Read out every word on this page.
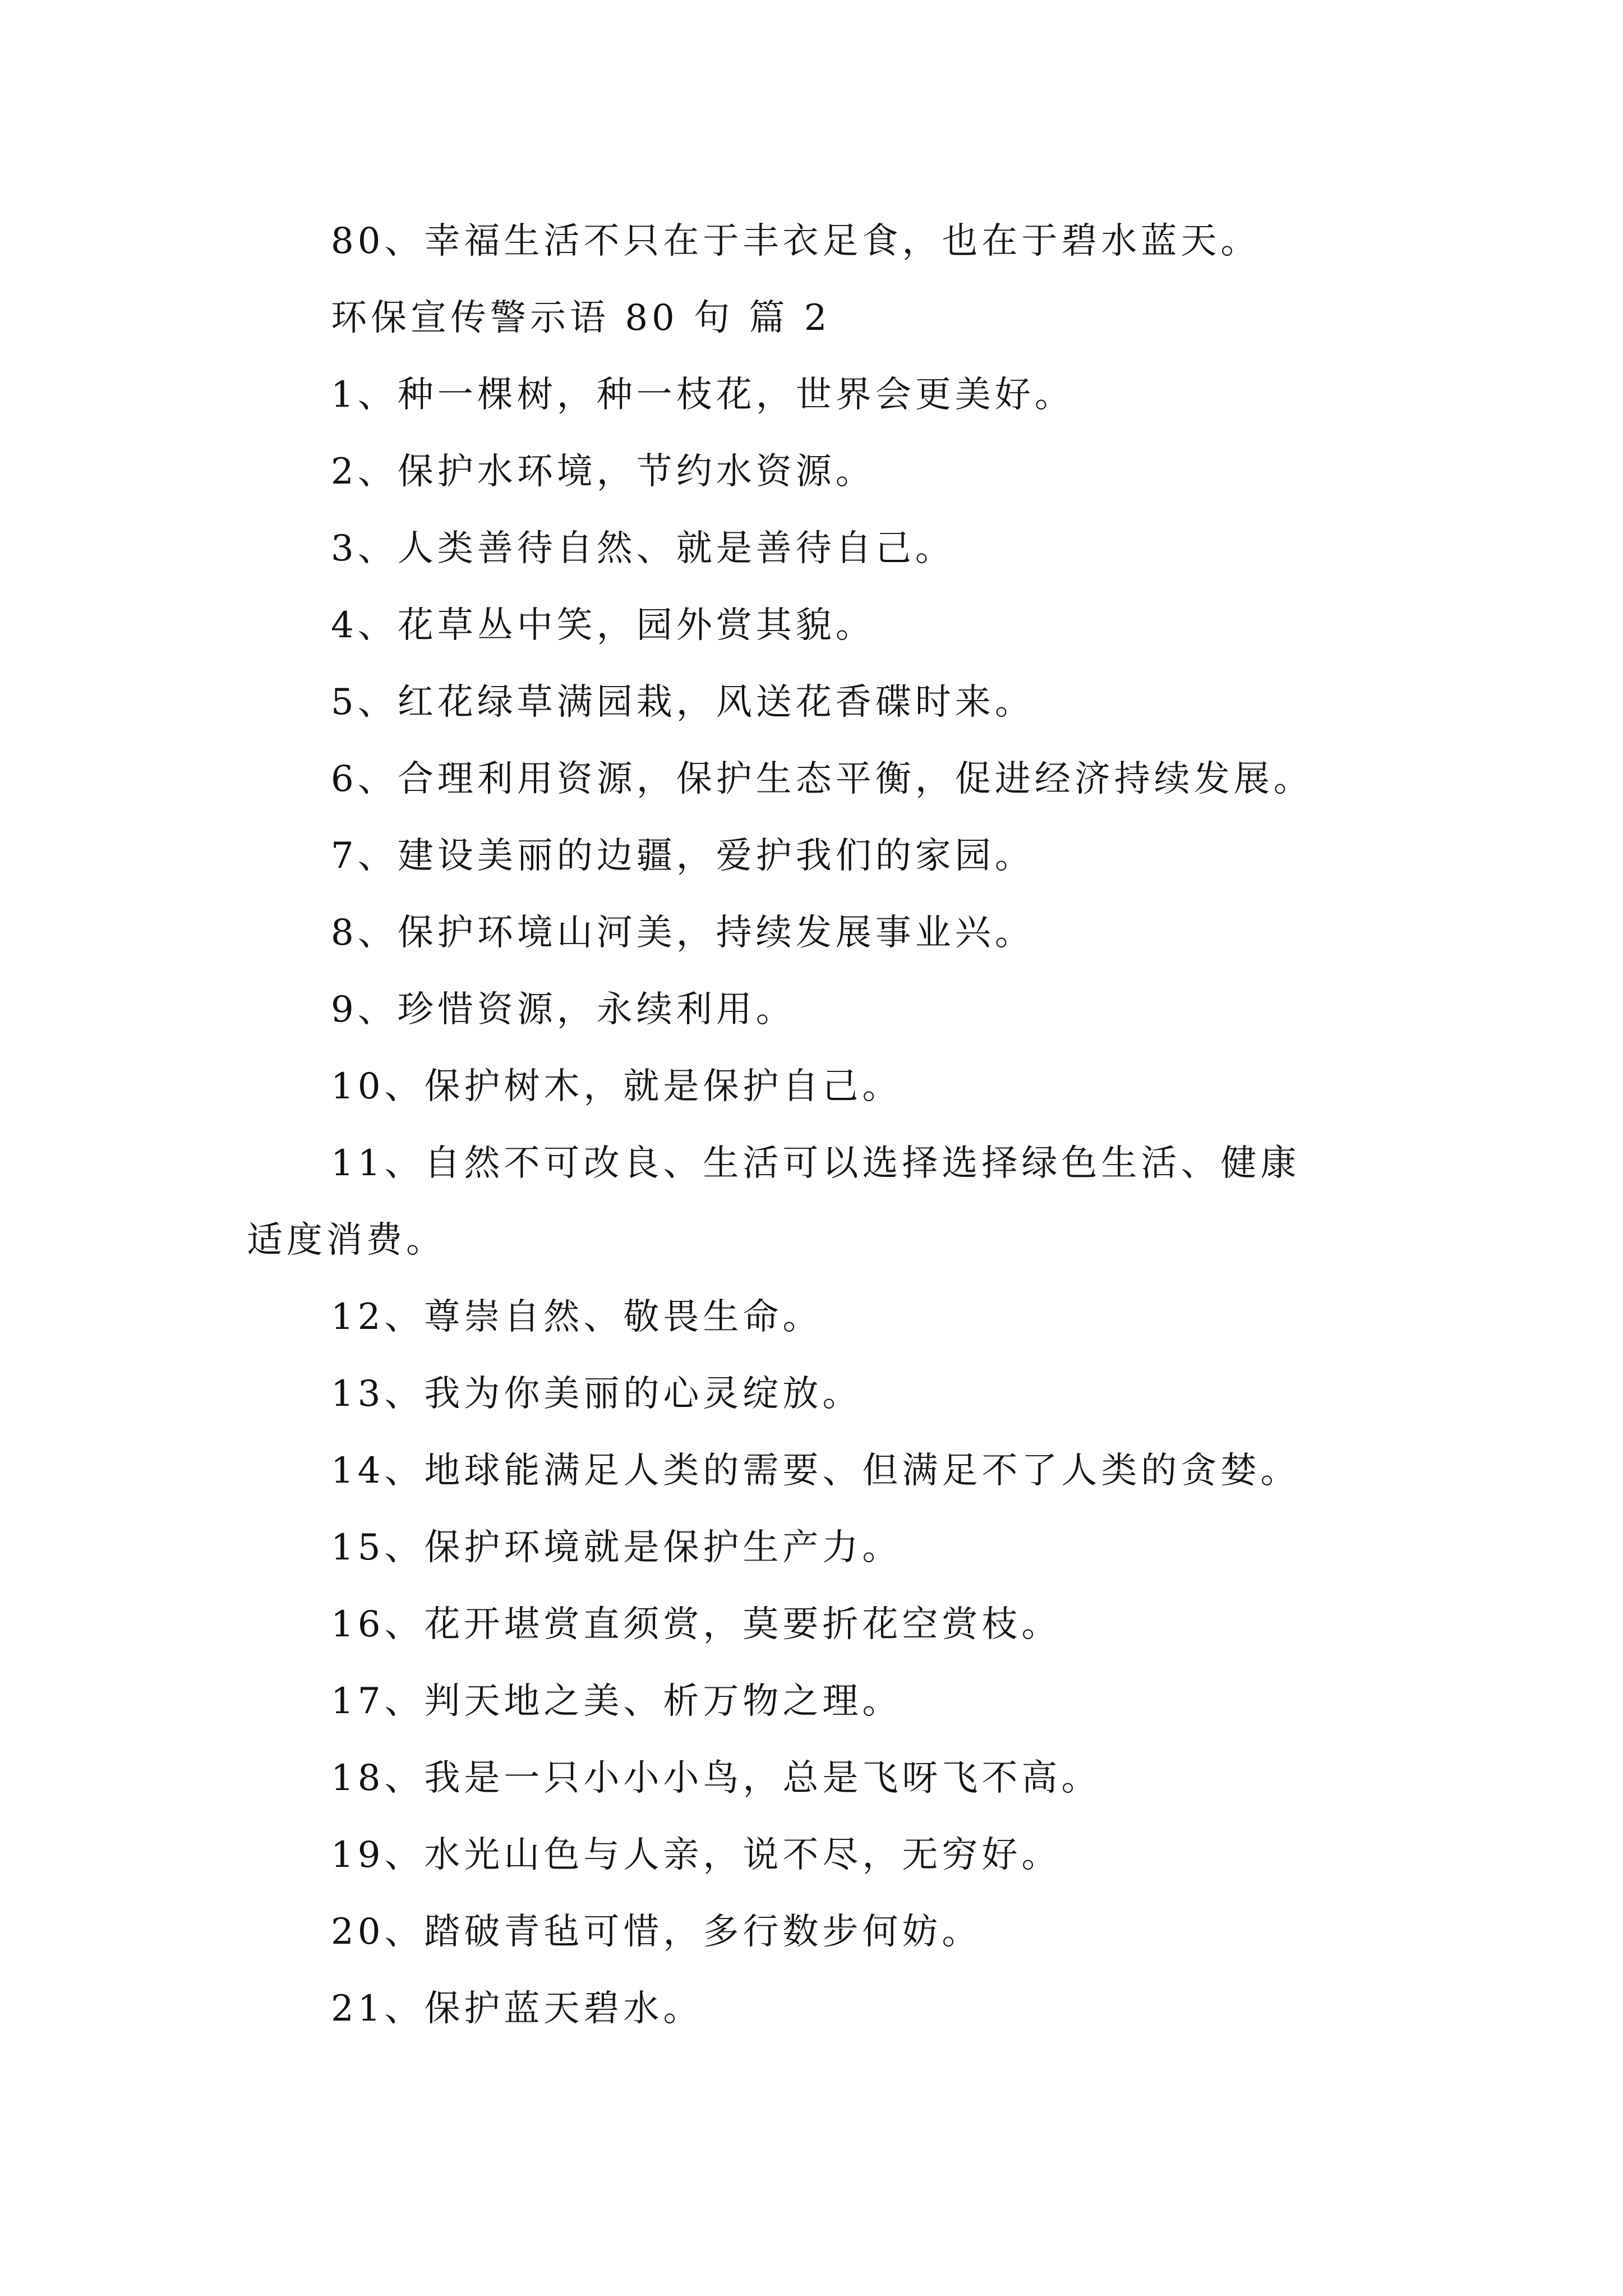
80、幸福生活不只在于丰衣足食，也在于碧水蓝天。
环保宣传警示语 80 句 篇 2
1、种一棵树，种一枝花，世界会更美好。
2、保护水环境，节约水资源。
3、人类善待自然、就是善待自己。
4、花草丛中笑，园外赏其貌。
5、红花绿草满园栽，风送花香碟时来。
6、合理利用资源，保护生态平衡，促进经济持续发展。
7、建设美丽的边疆，爱护我们的家园。
8、保护环境山河美，持续发展事业兴。
9、珍惜资源，永续利用。
10、保护树木，就是保护自己。
11、自然不可改良、生活可以选择选择绿色生活、健康
适度消费。
12、尊崇自然、敬畏生命。
13、我为你美丽的心灵绽放。
14、地球能满足人类的需要、但满足不了人类的贪婪。
15、保护环境就是保护生产力。
16、花开堪赏直须赏，莫要折花空赏枝。
17、判天地之美、析万物之理。
18、我是一只小小小鸟，总是飞呀飞不高。
19、水光山色与人亲，说不尽，无穷好。
20、踏破青毡可惜，多行数步何妨。
21、保护蓝天碧水。
